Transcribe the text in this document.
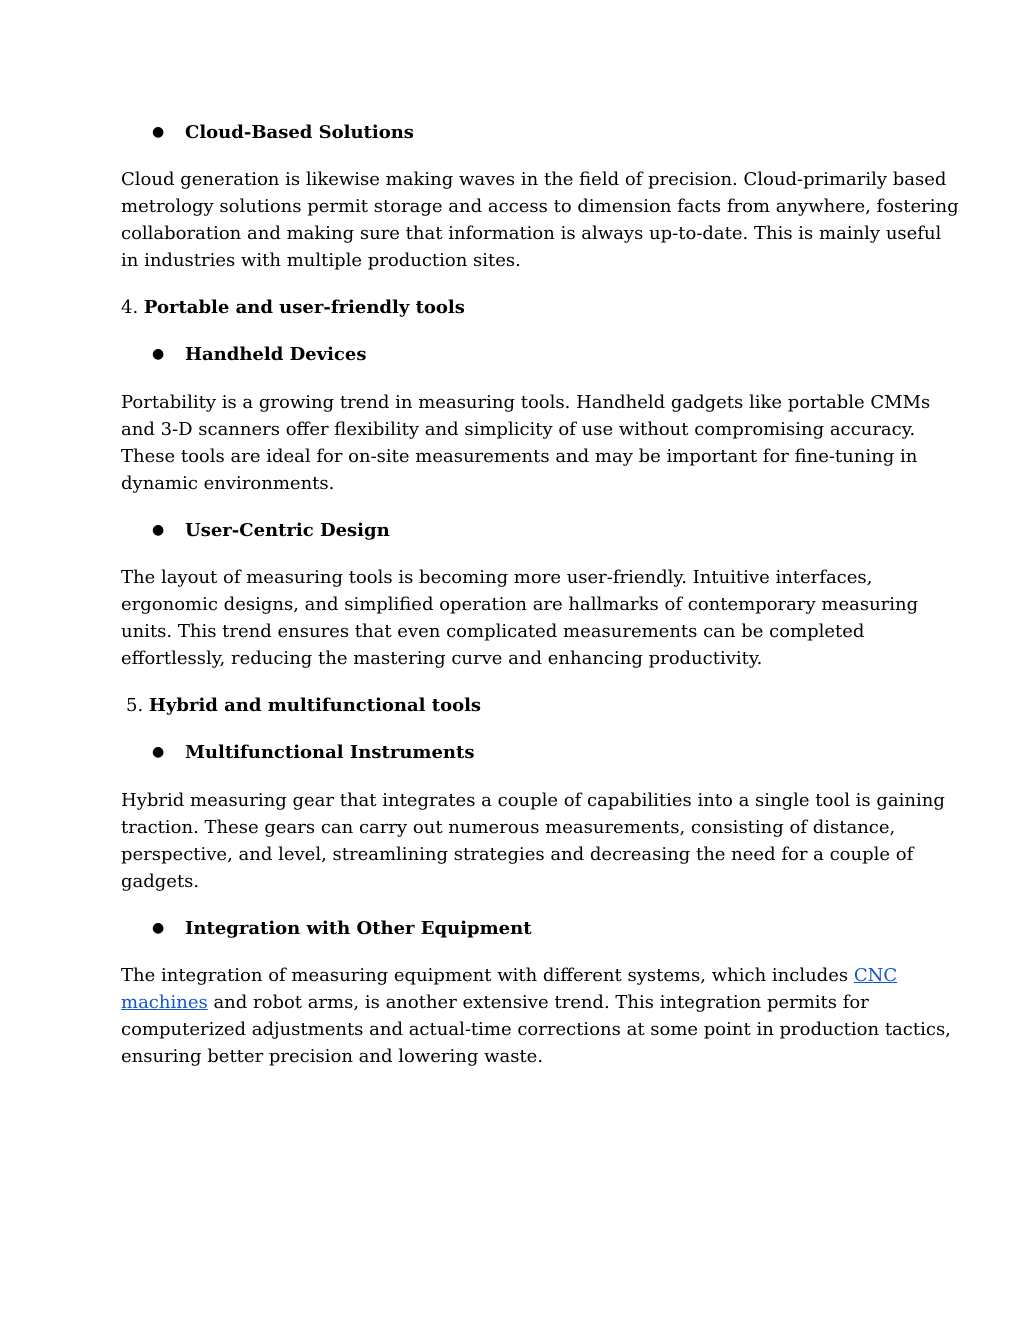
● Cloud-Based Solutions
Cloud generation is likewise making waves in the field of precision. Cloud-primarily based
metrology solutions permit storage and access to dimension facts from anywhere, fostering
collaboration and making sure that information is always up-to-date. This is mainly useful
in industries with multiple production sites.
4. Portable and user-friendly tools
● Handheld Devices
Portability is a growing trend in measuring tools. Handheld gadgets like portable CMMs
and 3-D scanners offer flexibility and simplicity of use without compromising accuracy.
These tools are ideal for on-site measurements and may be important for fine-tuning in
dynamic environments.
● User-Centric Design
The layout of measuring tools is becoming more user-friendly. Intuitive interfaces,
ergonomic designs, and simplified operation are hallmarks of contemporary measuring
units. This trend ensures that even complicated measurements can be completed
effortlessly, reducing the mastering curve and enhancing productivity.
5. Hybrid and multifunctional tools
● Multifunctional Instruments
Hybrid measuring gear that integrates a couple of capabilities into a single tool is gaining
traction. These gears can carry out numerous measurements, consisting of distance,
perspective, and level, streamlining strategies and decreasing the need for a couple of
gadgets.
● Integration with Other Equipment
The integration of measuring equipment with different systems, which includes CNC
machines and robot arms, is another extensive trend. This integration permits for
computerized adjustments and actual-time corrections at some point in production tactics,
ensuring better precision and lowering waste.
